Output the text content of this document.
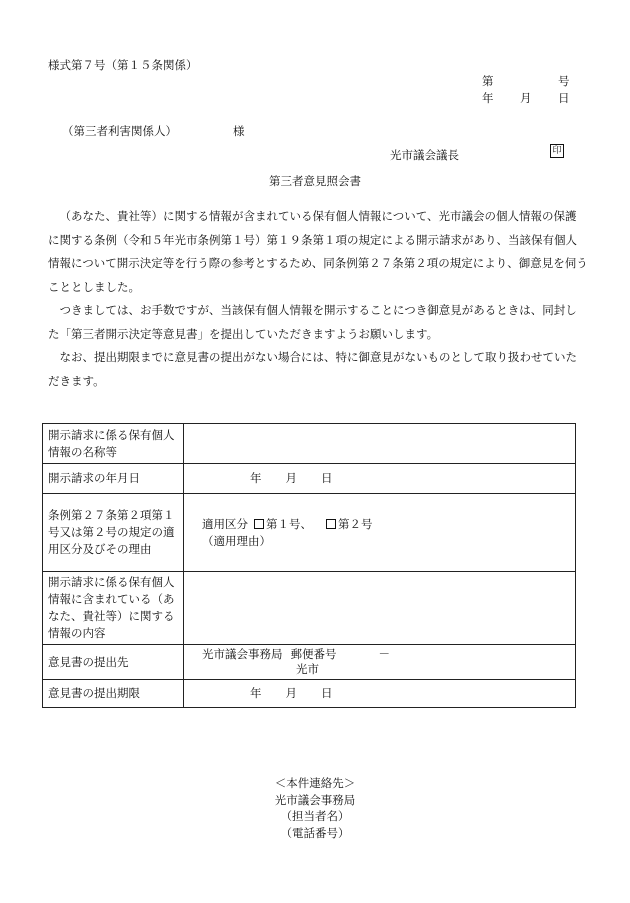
様式第７号（第１５条関係）
第	号
年 月 日
（第三者利害関係人）	様
光市議会議長	印
第三者意見照会書

（あなた、貴社等）に関する情報が含まれている保有個人情報について、光市議会の個人情報の保護に関する条例（令和５年光市条例第１号）第１９条第１項の規定による開示請求があり、当該保有個人情報について開示決定等を行う際の参考とするため、同条例第２７条第２項の規定により、御意見を伺うこととしました。

つきましては、お手数ですが、当該保有個人情報を開示することにつき御意見があるときは、同封した「第三者開示決定等意見書」を提出していただきますようお願いします。

なお、提出期限までに意見書の提出がない場合には、特に御意見がないものとして取り扱わせていただきます。

開示請求に係る保有個人情報の名称等	
開示請求の年月日	年 月 日
条例第２７条第２項第１号又は第２号の規定の適用区分及びその理由	適用区分 第１号、 第２号
（適用理由）

開示請求に係る保有個人情報に含まれている（あなた、貴社等）に関する情報の内容	
意見書の提出先	光市議会事務局 郵便番号 －
光市

意見書の提出期限	年 月 日
＜本件連絡先＞
光市議会事務局
（担当者名）
（電話番号）
